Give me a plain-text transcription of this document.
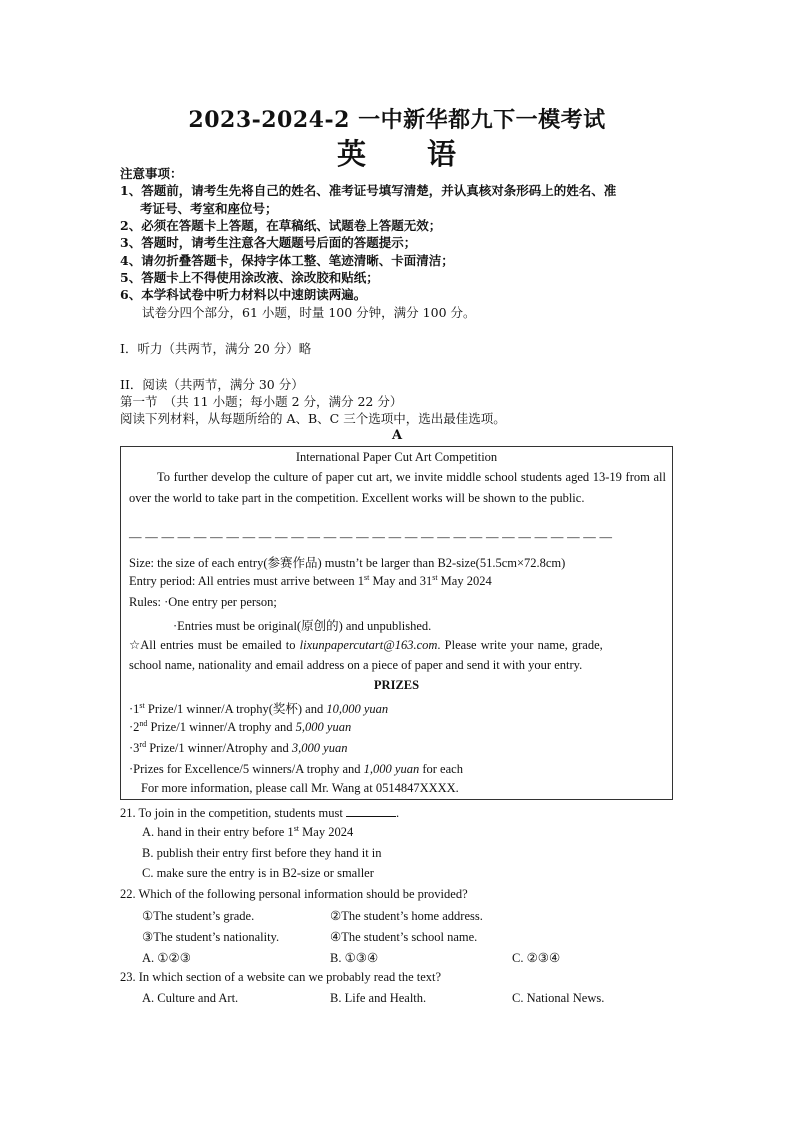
2023-2024-2 一中新华都九下一模考试
英　　语
注意事项：
1、答题前，请考生先将自己的姓名、准考证号填写清楚，并认真核对条形码上的姓名、准
考证号、考室和座位号；
2、必须在答题卡上答题，在草稿纸、试题卷上答题无效；
3、答题时，请考生注意各大题题号后面的答题提示；
4、请勿折叠答题卡，保持字体工整、笔迹清晰、卡面清洁；
5、答题卡上不得使用涂改液、涂改胶和贴纸；
6、本学科试卷中听力材料以中速朗读两遍。
试卷分四个部分，61 小题，时量 100 分钟，满分 100 分。
I．听力（共两节，满分 20 分）略
II．阅读（共两节，满分 30 分）
第一节　（共 11 小题；每小题 2 分，满分 22 分）
阅读下列材料，从每题所给的 A、B、C 三个选项中，选出最佳选项。
A
International Paper Cut Art Competition
To further develop the culture of paper cut art, we invite middle school students aged 13-19 from all over the world to take part in the competition. Excellent works will be shown to the public.
— — — — — — — — — — — — — — — — — — — — — — — — — — — — — —
Size: the size of each entry(参赛作品) mustn’t be larger than B2-size(51.5cm×72.8cm)
Entry period: All entries must arrive between 1st May and 31st May 2024
Rules: ·One entry per person;
·Entries must be original(原创的) and unpublished.
☆All entries must be emailed to lixunpapercutart@163.com. Please write your name, grade,
school name, nationality and email address on a piece of paper and send it with your entry.
PRIZES
·1st Prize/1 winner/A trophy(奖杯) and 10,000 yuan
·2nd Prize/1 winner/A trophy and 5,000 yuan
·3rd Prize/1 winner/Atrophy and 3,000 yuan
·Prizes for Excellence/5 winners/A trophy and 1,000 yuan for each
For more information, please call Mr. Wang at 0514847XXXX.
21. To join in the competition, students must	.
A. hand in their entry before 1st May 2024
B. publish their entry first before they hand it in
C. make sure the entry is in B2-size or smaller
22. Which of the following personal information should be provided?
①The student’s grade.	②The student’s home address.
③The student’s nationality.	④The student’s school name.
A. ①②③	B. ①③④	C. ②③④
23. In which section of a website can we probably read the text?
A. Culture and Art.	B. Life and Health.	C. National News.
